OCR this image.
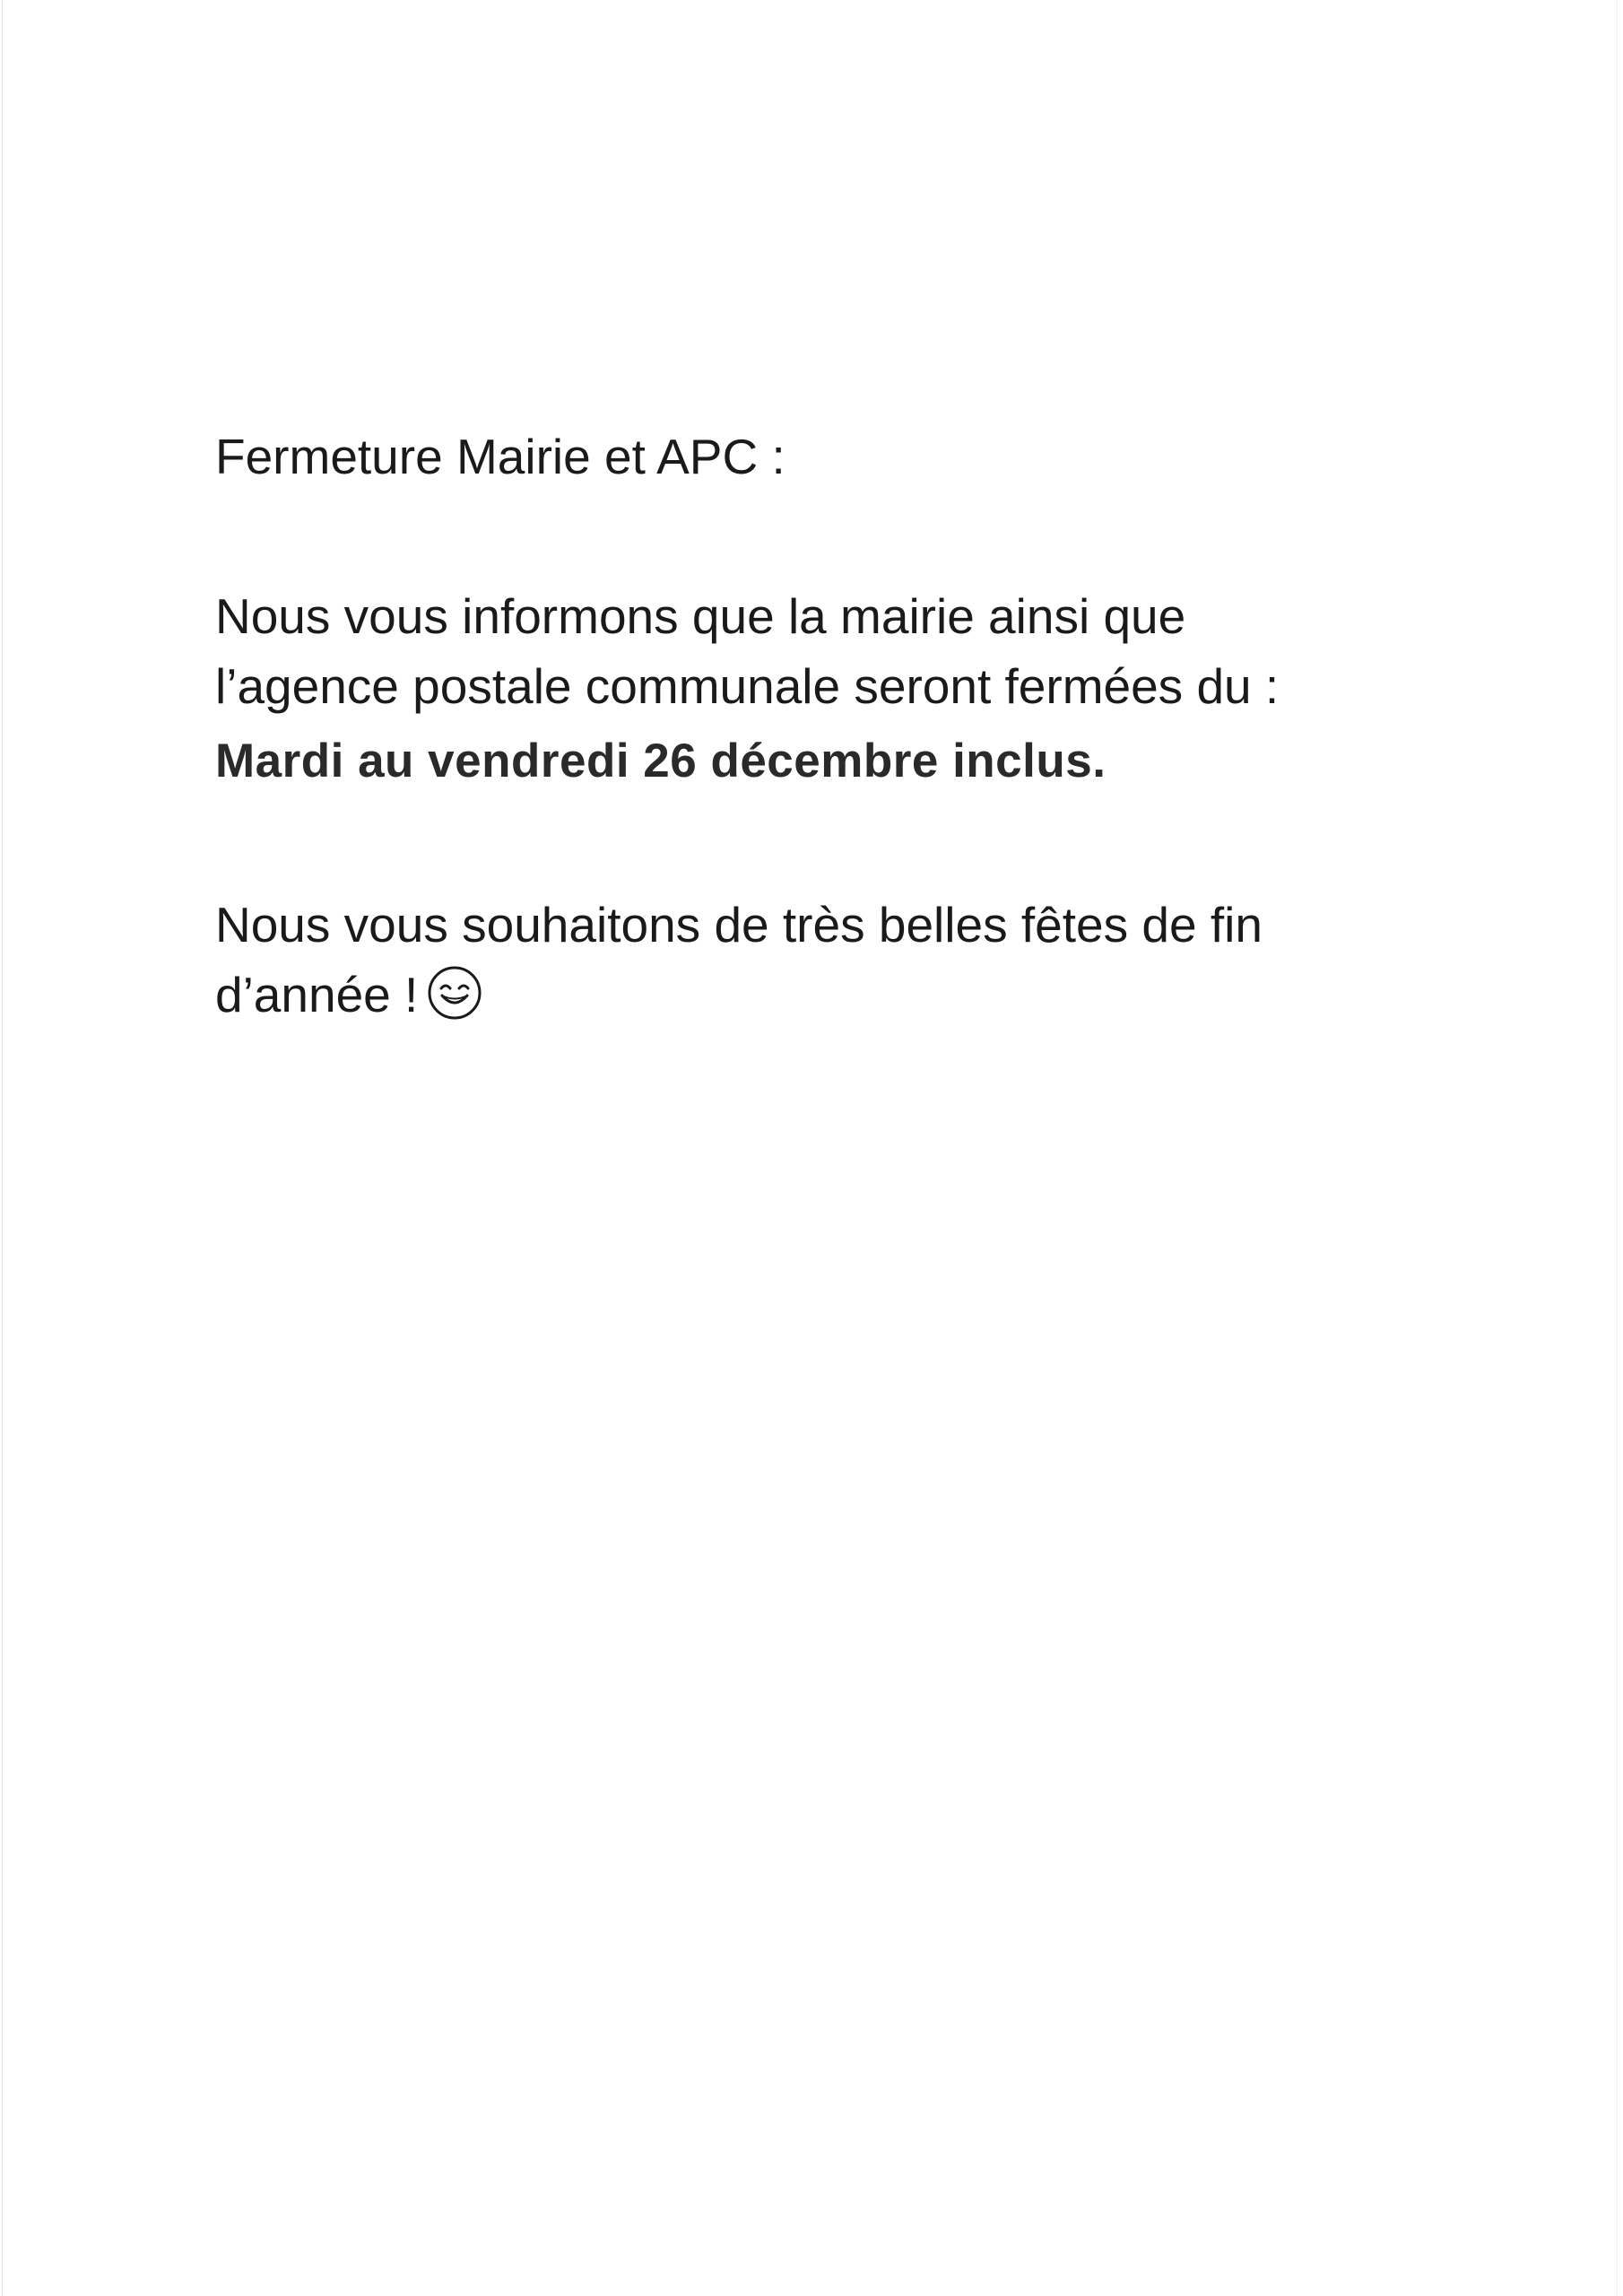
Fermeture Mairie et APC :

Nous vous informons que la mairie ainsi que

l’agence postale communale seront fermées du :

Mardi au vendredi 26 décembre inclus.

Nous vous souhaitons de très belles fêtes de fin

d’année !
